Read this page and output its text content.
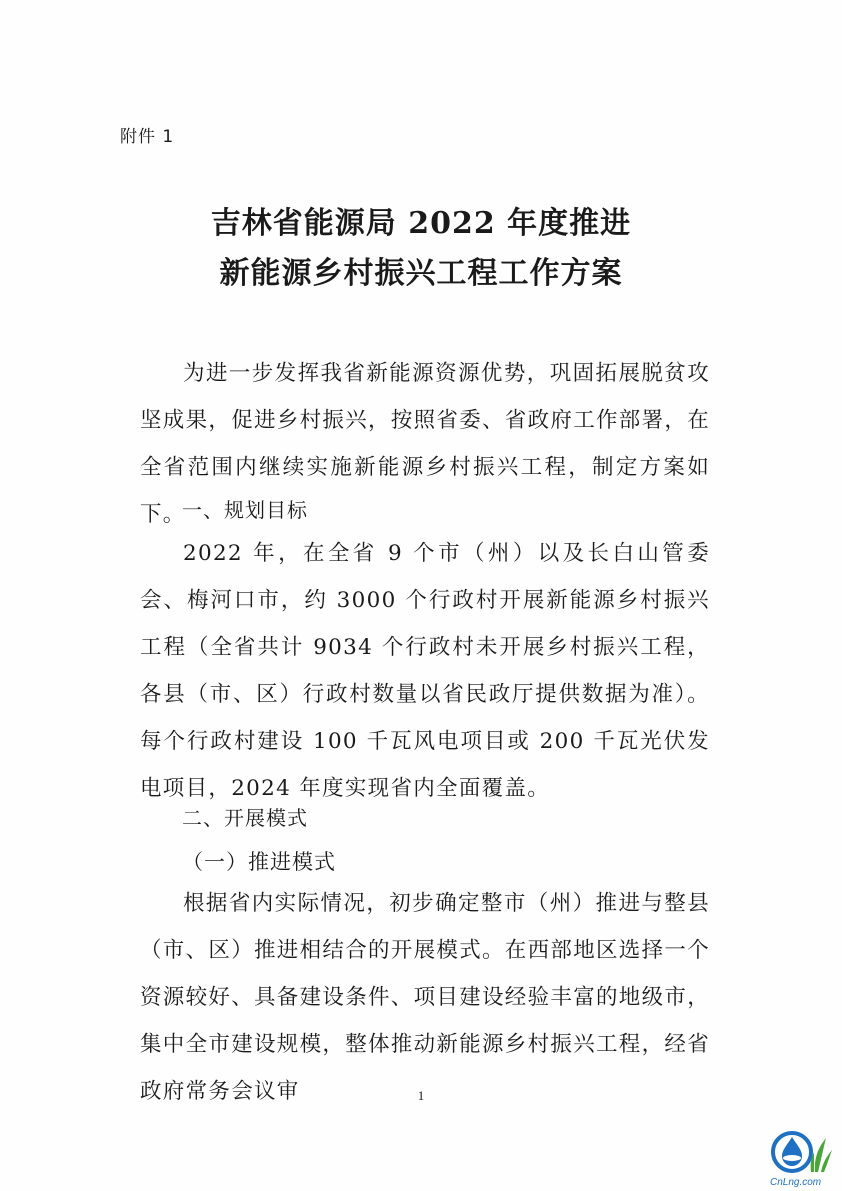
附件 1
吉林省能源局 2022 年度推进
新能源乡村振兴工程工作方案

为进一步发挥我省新能源资源优势，巩固拓展脱贫攻坚成果，促进乡村振兴，按照省委、省政府工作部署，在全省范围内继续实施新能源乡村振兴工程，制定方案如下。

一、规划目标

2022 年，在全省 9 个市（州）以及长白山管委会、梅河口市，约 3000 个行政村开展新能源乡村振兴工程（全省共计 9034 个行政村未开展乡村振兴工程，各县（市、区）行政村数量以省民政厅提供数据为准）。每个行政村建设 100 千瓦风电项目或 200 千瓦光伏发电项目，2024 年度实现省内全面覆盖。

二、开展模式
（一）推进模式

根据省内实际情况，初步确定整市（州）推进与整县（市、区）推进相结合的开展模式。在西部地区选择一个资源较好、具备建设条件、项目建设经验丰富的地级市，集中全市建设规模，整体推动新能源乡村振兴工程，经省政府常务会议审	1
CnLng.com
